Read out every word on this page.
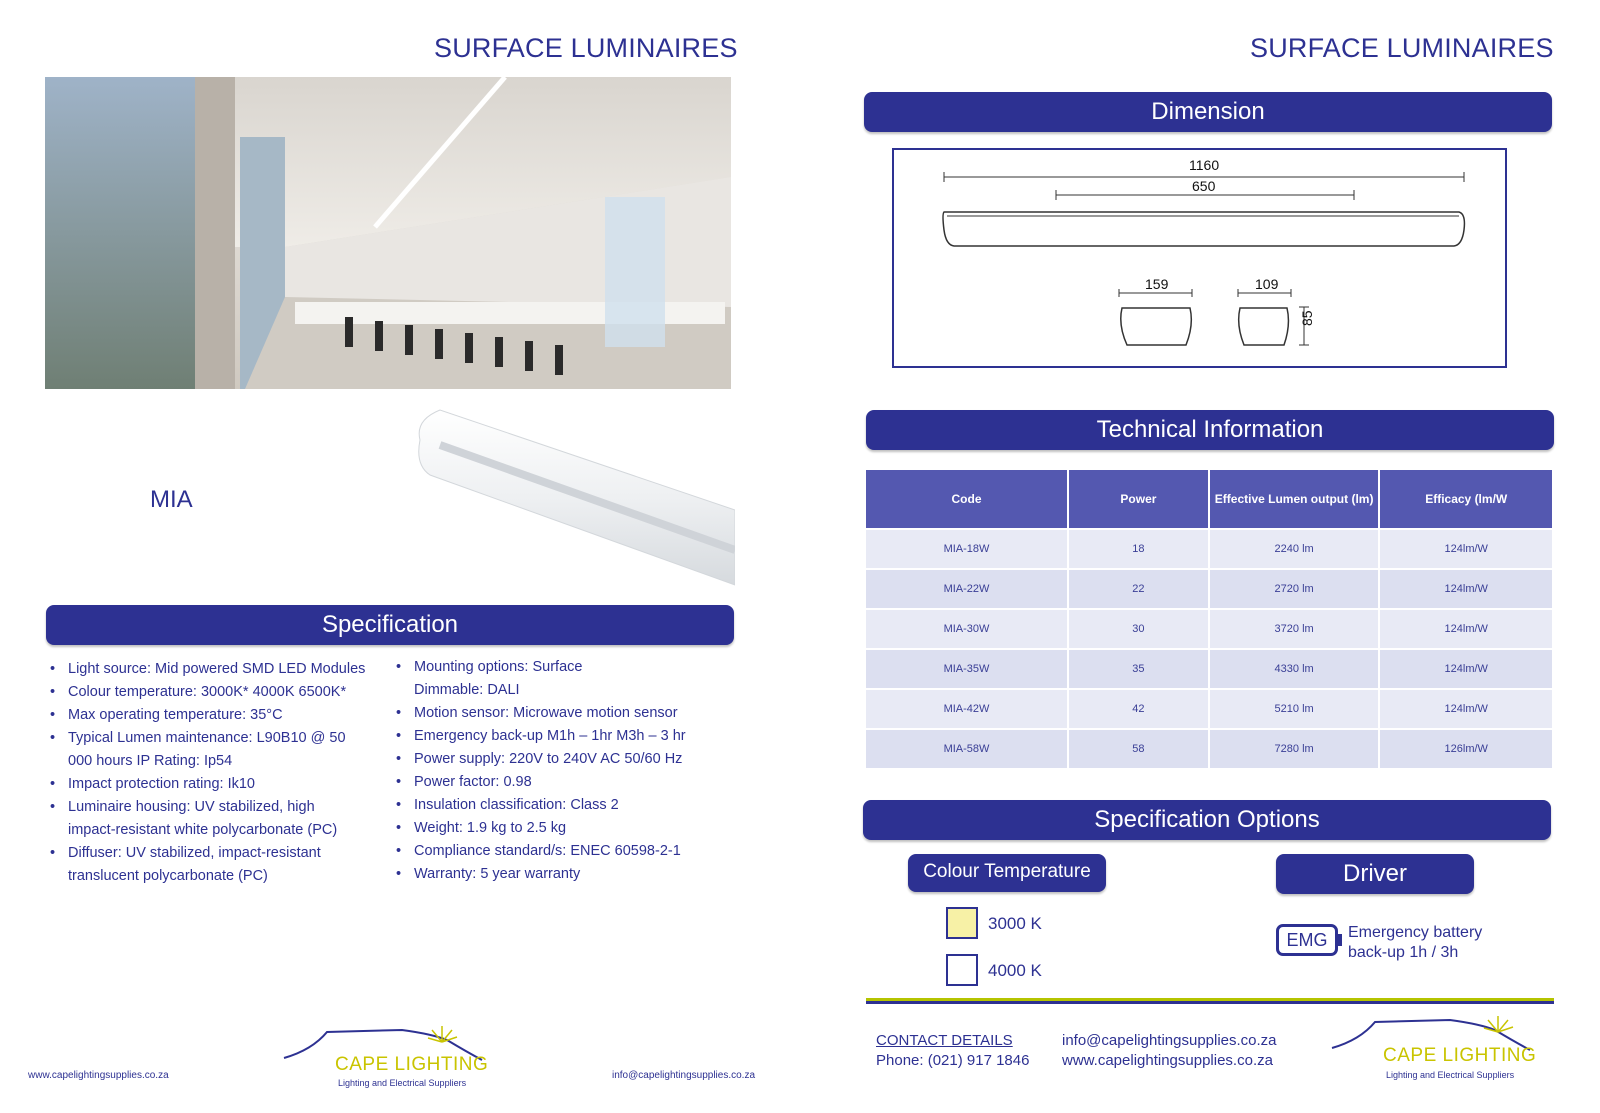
SURFACE LUMINAIRES
MIA
Specification
• Light source: Mid powered SMD LED Modules
• Colour temperature: 3000K* 4000K 6500K*
• Max operating temperature: 35°C
• Typical Lumen maintenance: L90B10 @ 50 000 hours IP Rating: Ip54
• Impact protection rating: Ik10
• Luminaire housing: UV stabilized, high impact-resistant white polycarbonate (PC)
• Diffuser: UV stabilized, impact-resistant translucent polycarbonate (PC)
• Mounting options: Surface Dimmable: DALI
• Motion sensor: Microwave motion sensor
• Emergency back-up M1h – 1hr M3h – 3 hr
• Power supply: 220V to 240V AC 50/60 Hz
• Power factor: 0.98
• Insulation classification: Class 2
• Weight: 1.9 kg to 2.5 kg
• Compliance standard/s: ENEC 60598-2-1
• Warranty: 5 year warranty
www.capelightingsupplies.co.za	info@capelightingsupplies.co.za
CAPE LIGHTING
Lighting and Electrical Suppliers
SURFACE LUMINAIRES
Dimension
1160
650
159	109
85
Technical Information
Code	Power	Effective Lumen output (lm)	Efficacy (lm/W
MIA-18W	18	2240 lm	124lm/W
MIA-22W	22	2720 lm	124lm/W
MIA-30W	30	3720 lm	124lm/W
MIA-35W	35	4330 lm	124lm/W
MIA-42W	42	5210 lm	124lm/W
MIA-58W	58	7280 lm	126lm/W
Specification Options
Colour Temperature
3000 K
4000 K
Driver
EMG	Emergency battery
back-up 1h / 3h
CONTACT DETAILS
Phone: (021) 917 1846
info@capelightingsupplies.co.za
www.capelightingsupplies.co.za	CAPE LIGHTING
Lighting and Electrical Suppliers
